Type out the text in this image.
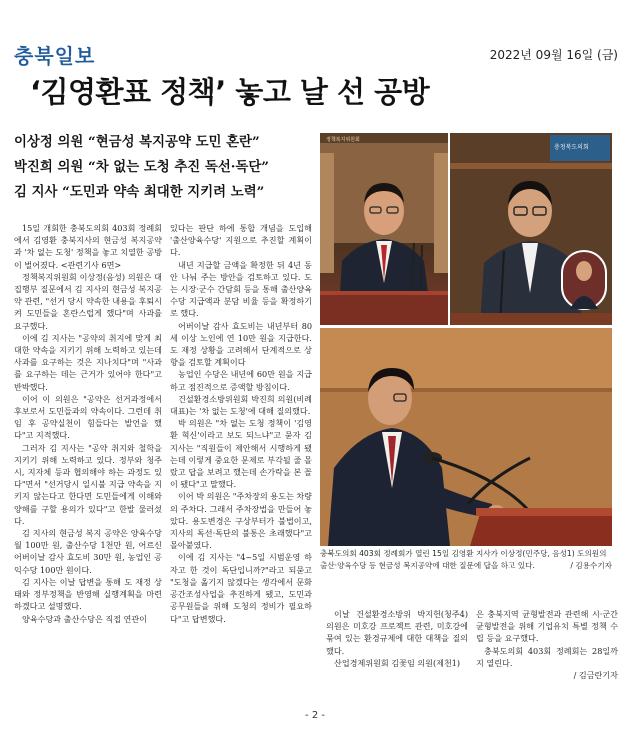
충북일보	2022년 09월 16일 (금)
‘김영환표 정책’ 놓고 날 선 공방
이상정 의원 “현금성 복지공약 도민 혼란”
박진희 의원 “차 없는 도청 추진 독선·독단”
김 지사 “도민과 약속 최대한 지키려 노력”

15일 개회한 충북도의회 403회 정례회에서 김영환 충북지사의 현금성 복지공약과 '차 없는 도청' 정책을 놓고 치열한 공방이 벌어졌다. <관련기사 6면>

정책복지위원회 이상정(음성) 의원은 대집행부 질문에서 김 지사의 현금성 복지공약 관련, "선거 당시 약속한 내용을 후퇴시켜 도민들을 혼란스럽게 했다"며 사과를 요구했다.

이에 김 지사는 "공약의 취지에 맞게 최대한 약속을 지키기 위해 노력하고 있는데 사과를 요구하는 것은 지나치다"며 "사과를 요구하는 데는 근거가 있어야 한다"고 반박했다.

이어 이 의원은 "공약은 선거과정에서 후보로서 도민들과의 약속이다. 그런데 취임 후 공약실천이 힘들다는 발언을 했다"고 지적했다.

그러자 김 지사는 "공약 취지와 철학을 지키기 위해 노력하고 있다. 정부와 청주시, 지자체 등과 협의해야 하는 과정도 있다"면서 "선거당시 일시불 지급 약속을 지키지 않는다고 한다면 도민들에게 이해와 양해를 구할 용의가 있다"고 한발 물러섰다.

김 지사의 현금성 복지 공약은 양육수당 월 100만 원, 출산수당 1천만 원, 어르신 어버이날 감사 효도비 30만 원, 농업인 공익수당 100만 원이다.

김 지사는 이날 답변을 통해 도 재정 상태와 정부정책을 반영해 실행계획을 마련하겠다고 설명했다.

양육수당과 출산수당은 직접 연관이

있다는 판단 하에 통합 개념을 도입해 '출산양육수당' 지원으로 추진할 계획이다.

내년 지급할 금액을 확정한 뒤 4년 동안 나눠 주는 방안을 검토하고 있다. 도는 시장·군수 간담회 등을 통해 출산양육수당 지급액과 분담 비율 등을 확정하기로 했다.

어버이날 감사 효도비는 내년부터 80세 이상 노인에 연 10만 원을 지급한다. 도 재정 상황을 고려해서 단계적으로 상향을 검토할 계획이다

농업인 수당은 내년에 60만 원을 지급하고 점진적으로 증액할 방침이다.

건설환경소방위원회 박진희 의원(비례대표)는 '차 없는 도청'에 대해 질의했다.

박 의원은 "차 없는 도청 정책이 '김영환 혁신'이라고 보도 되느냐"고 묻자 김 지사는 "직원들이 제안해서 시행하게 됐는데 이렇게 중요한 문제로 부각될 줄 몰랐고 답을 보려고 했는데 손가락을 본 꼴이 됐다"고 말했다.

이어 박 의원은 "주차장의 용도는 차량의 주차다. 그래서 주차장법을 만들어 놓았다. 용도변경은 구상부터가 불법이고, 지사의 독선·독단의 불통은 초래했다"고 몰아붙였다.

이에 김 지사는 "4~5일 시범운영 하자고 한 것이 독단입니까?"라고 되묻고 "도청을 옮기지 않겠다는 생각에서 문화공간조성사업을 추진하게 됐고, 도민과 공무원들을 위해 도청의 정비가 필요하다"고 답변했다.

정책복지위원회
충청북도의회
충북도의회 403회 정례회가 열린 15일 김영환 지사가 이상정(민주당, 음성1) 도의원의 출산·양육수당 등 현금성 복지공약에 대한 질문에 답을 하고 있다.	/ 김용수기자

이날 건설환경소방위 박지헌(청주4) 의원은 미호강 프로젝트 관련, 미호강에 묶여 있는 환경규제에 대한 대책을 질의했다.

산업경제위원회 김꽃임 의원(제천1)

은 충북지역 균형발전과 관련해 시·군간 균형발전을 위해 기업유치 특별 정책 수립 등을 요구했다.

충북도의회 403회 정례회는 28일까지 열린다.

/ 김금란기자

- 2 -
